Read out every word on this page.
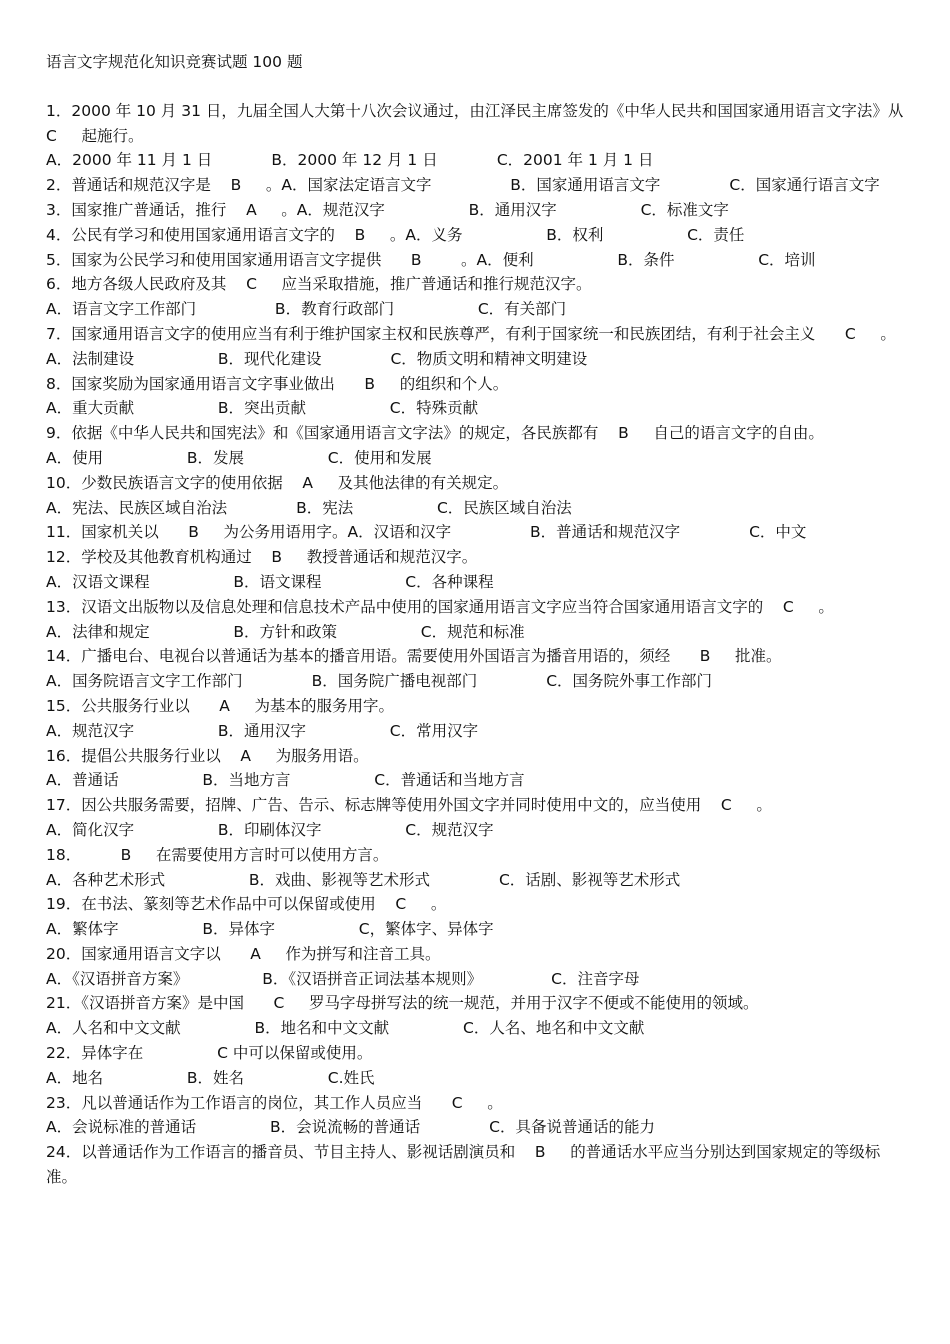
语言文字规范化知识竞赛试题 100 题
1．2000 年 10 月 31 日，九届全国人大第十八次会议通过，由江泽民主席签发的《中华人民共和国国家通用语言文字法》从    C     起施行。
A．2000 年 11 月 1 日            B．2000 年 12 月 1 日            C．2001 年 1 月 1 日
2．普通话和规范汉字是    B     。A．国家法定语言文字                B．国家通用语言文字              C．国家通行语言文字
3．国家推广普通话，推行    A     。A．规范汉字                 B．通用汉字                 C．标准文字
4．公民有学习和使用国家通用语言文字的    B     。A．义务                 B．权利                 C．责任
5．国家为公民学习和使用国家通用语言文字提供      B        。A．便利                 B．条件                 C．培训
6．地方各级人民政府及其    C     应当采取措施，推广普通话和推行规范汉字。
A．语言文字工作部门                B．教育行政部门                 C．有关部门
7．国家通用语言文字的使用应当有利于维护国家主权和民族尊严，有利于国家统一和民族团结，有利于社会主义      C     。A．法制建设                 B．现代化建设              C．物质文明和精神文明建设
8．国家奖励为国家通用语言文字事业做出      B     的组织和个人。
A．重大贡献                 B．突出贡献                 C．特殊贡献
9．依据《中华人民共和国宪法》和《国家通用语言文字法》的规定，各民族都有    B     自己的语言文字的自由。
A．使用                 B．发展                 C．使用和发展
10．少数民族语言文字的使用依据    A     及其他法律的有关规定。
A．宪法、民族区域自治法              B．宪法                 C．民族区域自治法
11．国家机关以      B     为公务用语用字。A．汉语和汉字                B．普通话和规范汉字              C．中文
12．学校及其他教育机构通过    B     教授普通话和规范汉字。
A．汉语文课程                 B．语文课程                 C．各种课程
13．汉语文出版物以及信息处理和信息技术产品中使用的国家通用语言文字应当符合国家通用语言文字的    C     。
A．法律和规定                 B．方针和政策                 C．规范和标准
14．广播电台、电视台以普通话为基本的播音用语。需要使用外国语言为播音用语的，须经      B     批准。
A．国务院语言文字工作部门              B．国务院广播电视部门              C．国务院外事工作部门
15．公共服务行业以      A     为基本的服务用字。
A．规范汉字                 B．通用汉字                 C．常用汉字
16．提倡公共服务行业以    A     为服务用语。
A．普通话                 B．当地方言                 C．普通话和当地方言
17．因公共服务需要，招牌、广告、告示、标志牌等使用外国文字并同时使用中文的，应当使用    C     。
A．简化汉字                 B．印刷体汉字                 C．规范汉字
18．        B     在需要使用方言时可以使用方言。
A．各种艺术形式                 B．戏曲、影视等艺术形式              C．话剧、影视等艺术形式
19．在书法、篆刻等艺术作品中可以保留或使用    C     。
A．繁体字                 B．异体字                 C，繁体字、异体字
20．国家通用语言文字以      A     作为拼写和注音工具。
A．《汉语拼音方案》               B．《汉语拼音正词法基本规则》              C．注音字母
21．《汉语拼音方案》是中国      C     罗马字母拼写法的统一规范，并用于汉字不便或不能使用的领域。
A．人名和中文文献               B．地名和中文文献               C．人名、地名和中文文献
22．异体字在               C 中可以保留或使用。
A．地名                 B．姓名                 C.姓氏
23．凡以普通话作为工作语言的岗位，其工作人员应当      C     。
A．会说标准的普通话               B．会说流畅的普通话              C．具备说普通话的能力
24．以普通话作为工作语言的播音员、节目主持人、影视话剧演员和    B     的普通话水平应当分别达到国家规定的等级标准。
